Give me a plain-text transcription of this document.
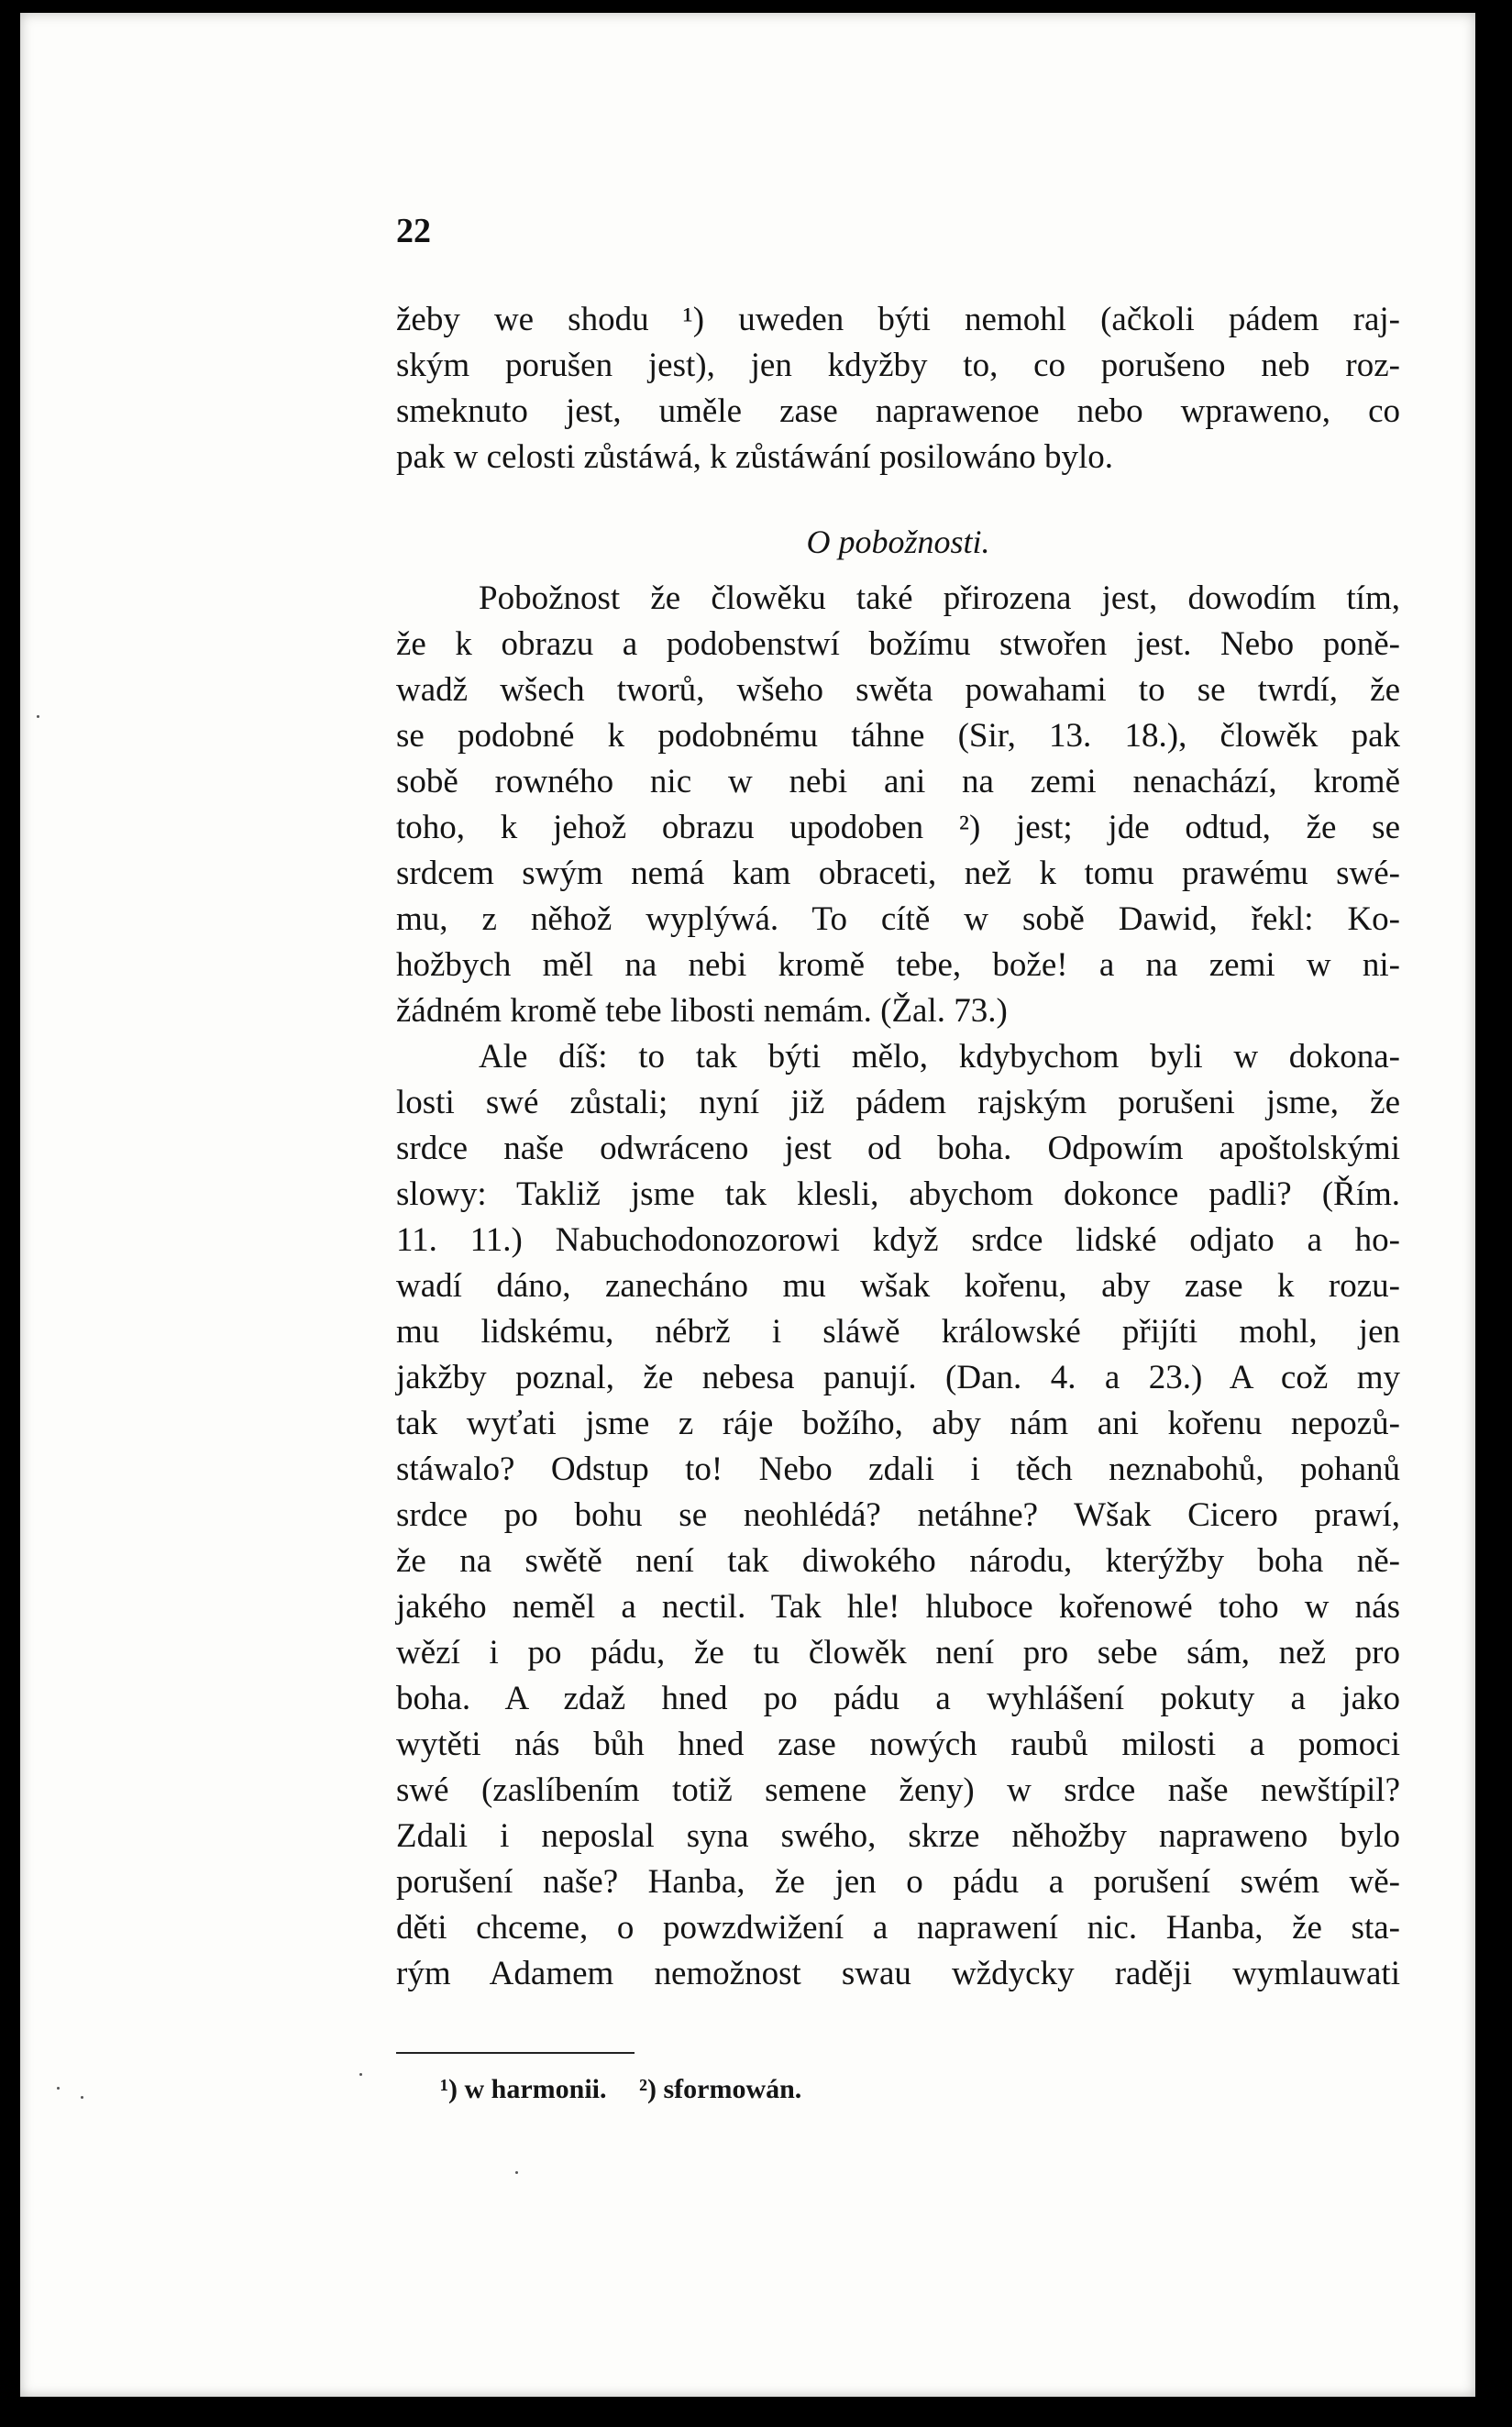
22
žeby we shodu ¹) uweden býti nemohl (ačkoli pádem raj-
ským porušen jest), jen kdyžby to, co porušeno neb roz-
smeknuto jest, uměle zase naprawenoe nebo wpraweno, co
pak w celosti zůstáwá, k zůstáwání posilowáno bylo.
O pobožnosti.
Pobožnost že člowěku také přirozena jest, dowodím tím,
že k obrazu a podobenstwí božímu stwořen jest. Nebo poně-
wadž wšech tworů, wšeho swěta powahami to se twrdí, že
se podobné k podobnému táhne (Sir, 13. 18.), člowěk pak
sobě rowného nic w nebi ani na zemi nenachází, kromě
toho, k jehož obrazu upodoben ²) jest; jde odtud, že se
srdcem swým nemá kam obraceti, než k tomu prawému swé-
mu, z něhož wyplýwá. To cítě w sobě Dawid, řekl: Ko-
hožbych měl na nebi kromě tebe, bože! a na zemi w ni-
žádném kromě tebe libosti nemám. (Žal. 73.)
Ale díš: to tak býti mělo, kdybychom byli w dokona-
losti swé zůstali; nyní již pádem rajským porušeni jsme, že
srdce naše odwráceno jest od boha. Odpowím apoštolskými
slowy: Takliž jsme tak klesli, abychom dokonce padli? (Řím.
11. 11.) Nabuchodonozorowi když srdce lidské odjato a ho-
wadí dáno, zanecháno mu wšak kořenu, aby zase k rozu-
mu lidskému, nébrž i sláwě králowské přijíti mohl, jen
jakžby poznal, že nebesa panují. (Dan. 4. a 23.) A což my
tak wyťati jsme z ráje božího, aby nám ani kořenu nepozů-
stáwalo? Odstup to! Nebo zdali i těch neznabohů, pohanů
srdce po bohu se neohlédá? netáhne? Wšak Cicero prawí,
že na swětě není tak diwokého národu, kterýžby boha ně-
jakého neměl a nectil. Tak hle! hluboce kořenowé toho w nás
wězí i po pádu, že tu člowěk není pro sebe sám, než pro
boha. A zdaž hned po pádu a wyhlášení pokuty a jako
wytěti nás bůh hned zase nowých raubů milosti a pomoci
swé (zaslíbením totiž semene ženy) w srdce naše newštípil?
Zdali i neposlal syna swého, skrze něhožby napraweno bylo
porušení naše? Hanba, že jen o pádu a porušení swém wě-
děti chceme, o powzdwižení a naprawení nic. Hanba, že sta-
rým Adamem nemožnost swau wždycky raději wymlauwati
¹) w harmonii. ²) sformowán.
